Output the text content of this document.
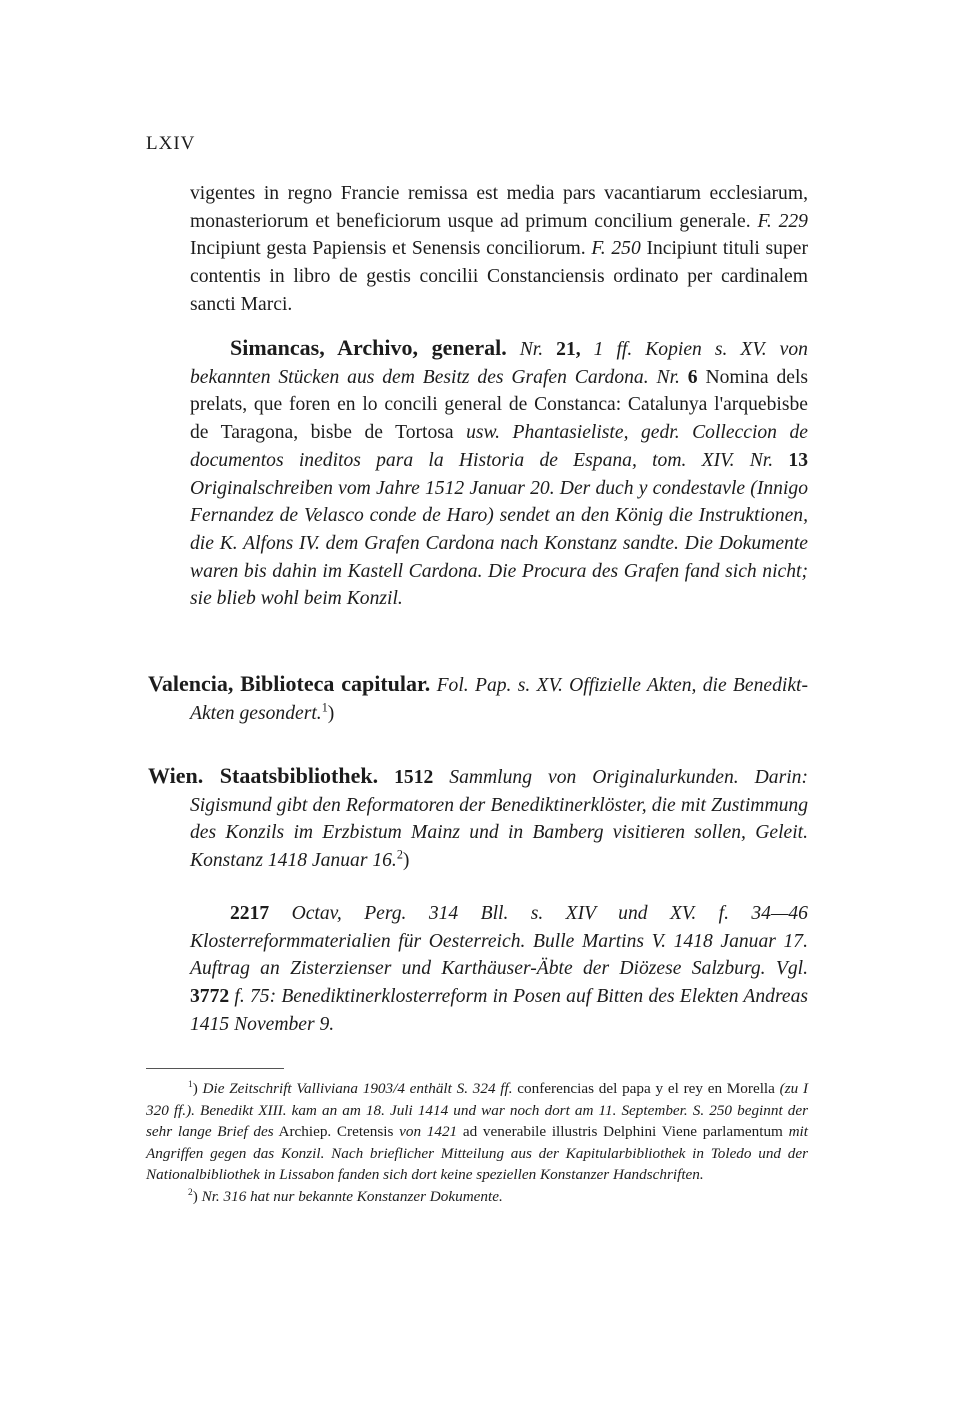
LXIV
vigentes in regno Francie remissa est media pars vacantiarum ecclesiarum, monasteriorum et beneficiorum usque ad primum concilium generale. F. 229 Incipiunt gesta Papiensis et Senensis conciliorum. F. 250 Incipiunt tituli super contentis in libro de gestis concilii Constanciensis ordinato per cardinalem sancti Marci.
Simancas, Archivo, general. Nr. 21, 1 ff. Kopien s. XV. von bekannten Stücken aus dem Besitz des Grafen Cardona. Nr. 6 Nomina dels prelats, que foren en lo concili general de Constanca: Catalunya l'arquebisbe de Taragona, bisbe de Tortosa usw. Phantasieliste, gedr. Colleccion de documentos ineditos para la Historia de Espana, tom. XIV. Nr. 13 Originalschreiben vom Jahre 1512 Januar 20. Der duch y condestavle (Innigo Fernandez de Velasco conde de Haro) sendet an den König die Instruktionen, die K. Alfons IV. dem Grafen Cardona nach Konstanz sandte. Die Dokumente waren bis dahin im Kastell Cardona. Die Procura des Grafen fand sich nicht; sie blieb wohl beim Konzil.
Valencia, Biblioteca capitular. Fol. Pap. s. XV. Offizielle Akten, die Benedikt-Akten gesondert.$^1$)
Wien. Staatsbibliothek. 1512 Sammlung von Originalurkunden. Darin: Sigismund gibt den Reformatoren der Benediktinerklöster, die mit Zustimmung des Konzils im Erzbistum Mainz und in Bamberg visitieren sollen, Geleit. Konstanz 1418 Januar 16.$^2$)
2217 Octav, Perg. 314 Bll. s. XIV und XV. f. 34—46 Klosterreformmaterialien für Oesterreich. Bulle Martins V. 1418 Januar 17. Auftrag an Zisterzienser und Karthäuser-Äbte der Diözese Salzburg. Vgl. 3772 f. 75: Benediktinerklosterreform in Posen auf Bitten des Elekten Andreas 1415 November 9.

$^1$) Die Zeitschrift Valliviana 1903/4 enthält S. 324 ff. conferencias del papa y el rey en Morella (zu I 320 ff.). Benedikt XIII. kam an am 18. Juli 1414 und war noch dort am 11. September. S. 250 beginnt der sehr lange Brief des Archiep. Cretensis von 1421 ad venerabile illustris Delphini Viene parlamentum mit Angriffen gegen das Konzil. Nach brieflicher Mitteilung aus der Kapitularbibliothek in Toledo und der Nationalbibliothek in Lissabon fanden sich dort keine speziellen Konstanzer Handschriften.

$^2$) Nr. 316 hat nur bekannte Konstanzer Dokumente.
